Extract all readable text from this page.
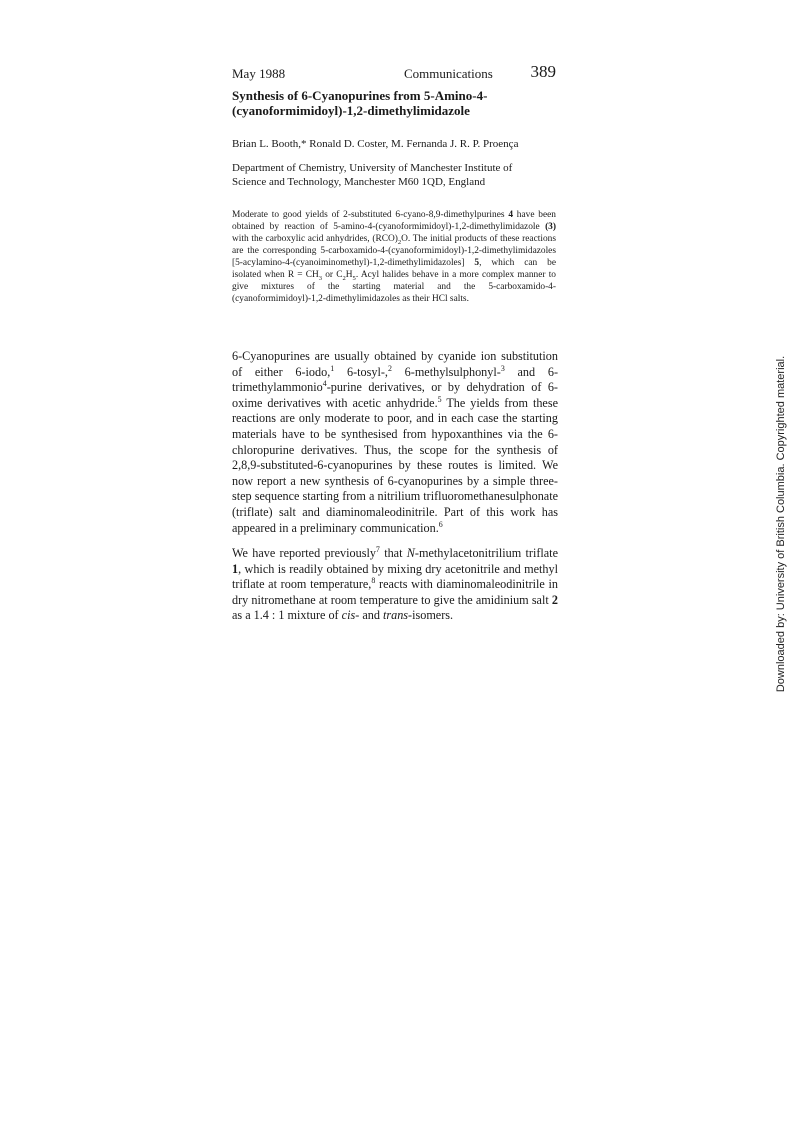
May 1988	Communications 389
Synthesis of 6-Cyanopurines from 5-Amino-4-
(cyanoformimidoyl)-1,2-dimethylimidazole
Brian L. Booth,* Ronald D. Coster, M. Fernanda J. R. P. Proença
Department of Chemistry, University of Manchester Institute of
Science and Technology, Manchester M60 1QD, England
Moderate to good yields of 2-substituted 6-cyano-8,9-dimethylpurines 4 have been obtained by reaction of 5-amino-4-(cyanoformimidoyl)-1,2-dimethylimidazole (3) with the carboxylic acid anhydrides, $(RCO)_2O$. The initial products of these reactions are the corresponding 5-carboxamido-4-(cyanoformimidoyl)-1,2-dimethylimidazoles [5-acylamino-4-(cyanoiminomethyl)-1,2-dimethylimidazoles] 5, which can be isolated when $R = CH_3$ or $C_2H_5$. Acyl halides behave in a more complex manner to give mixtures of the starting material and the 5-carboxamido-4-(cyanoformimidoyl)-1,2-dimethylimidazoles as their HCl salts.

6-Cyanopurines are usually obtained by cyanide ion substitution of either 6-iodo,$^1$ 6-tosyl-,$^2$ 6-methylsulphonyl-$^3$ and 6-trimethylammonio$^4$-purine derivatives, or by dehydration of 6-oxime derivatives with acetic anhydride.$^5$ The yields from these reactions are only moderate to poor, and in each case the starting materials have to be synthesised from hypoxanthines via the 6-chloropurine derivatives. Thus, the scope for the synthesis of 2,8,9-substituted-6-cyanopurines by these routes is limited. We now report a new synthesis of 6-cyanopurines by a simple three-step sequence starting from a nitrilium trifluoromethanesulphonate (triflate) salt and diaminomaleodinitrile. Part of this work has appeared in a preliminary communication.$^6$

We have reported previously$^7$ that N-methylacetonitrilium triflate 1, which is readily obtained by mixing dry acetonitrile and methyl triflate at room temperature,$^8$ reacts with diaminomaleodinitrile in dry nitromethane at room temperature to give the amidinium salt 2 as a 1.4 : 1 mixture of cis- and trans-isomers.	Downloaded by: University of British Columbia. Copyrighted material.
